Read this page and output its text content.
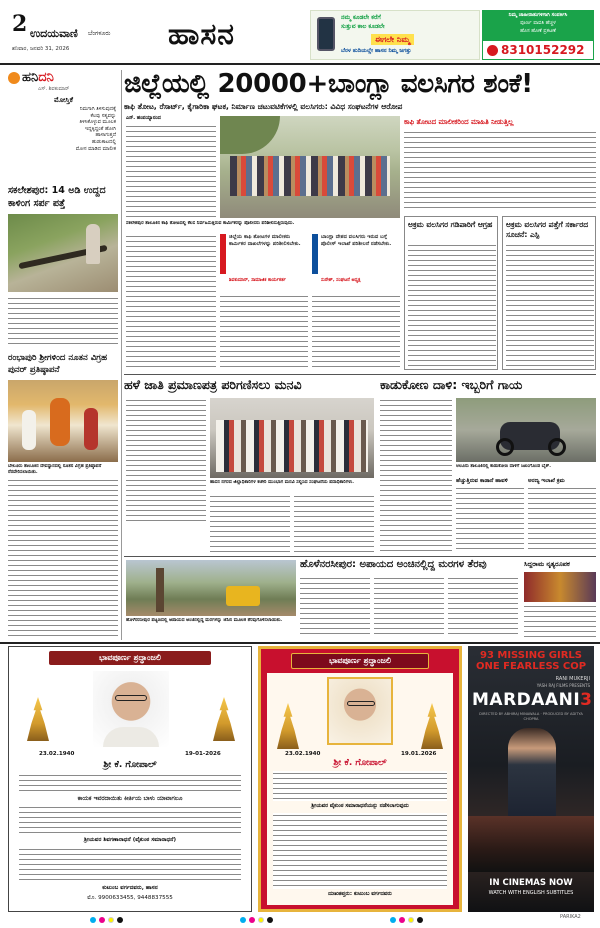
2 ಉದಯವಾಣಿ ಬೆಂಗಳೂರು
ಶನಿವಾರ, ಜನವರಿ 31, 2026	ಹಾಸನ	ನಮ್ಮ ಕೂಡಲೇ ಕರೆಗೆ
ಸುತ್ತುವ ಕಾಲ ಕೂಡಲೇ
ಈಗಲೇ ನಿಮ್ಮ
ಬೆರಳ ತುದಿಯಲ್ಲೇ ಹಾಸನ ನಿಮ್ಮ ಜಗತ್ತು
ನಿಮ್ಮ ಜಾಹೀರಾತುಗಳಿಗಾಗಿ ಸಂಪರ್ಕಿಸಿ
ಪೂರ್ಣ ಪಾವತಿ ಹೆಚ್ಚಳ
ಹೊಸ ಹೊಣೆ ಪ್ರಕಟಣೆ
8310152292
ಹನಿದನಿ
ಎಸ್. ಶಿವಕುಮಾರ್
ಮೋಸ್ತಿಕೆ
ನಿಮಗಾಗಿ ತಿಳಿಸುವುದಕ್ಕೆ
ಕೆಲವು ಸತ್ಯವನ್ನು
ತಿಳಿಸಿಕೊಳ್ಳುವ ಮೂಲಕ
ಇದ್ದಕ್ಕಿದ್ದಂತೆ ಹೋಗಿ
ಹಾಳಾಗುತ್ತದೆ
ಹುಡುಕಾಟದಲ್ಲಿ
ಮೋಸ ಮಾಡಿದ ಮಾಲೀಕ
ಸಕಲೇಶಪುರ: 14 ಅಡಿ ಉದ್ದದ ಕಾಳಿಂಗ ಸರ್ಪ ಪತ್ತೆ
ರಂಭಾಪುರಿ ಶ್ರೀಗಳಿಂದ ನೂತನ ವಿಗ್ರಹ ಪುನರ್ ಪ್ರತಿಷ್ಠಾಪನೆ
ಬೇಲೂರು ತಾಲೂಕಿನ ದೇವಸ್ಥಾನದಲ್ಲಿ ನೂತನ ವಿಗ್ರಹ ಪ್ರತಿಷ್ಠಾಪನೆ ನೆರವೇರಿಸಲಾಯಿತು.
ಜಿಲ್ಲೆಯಲ್ಲಿ 20000+ಬಾಂಗ್ಲಾ ವಲಸಿಗರ ಶಂಕೆ!
ಕಾಫಿ ತೋಟ, ರೆಸಾರ್ಟ್, ಕೈಗಾರಿಕಾ ಘಟಕ, ನಿರ್ಮಾಣ ಚಟುವಟಿಕೆಗಳಲ್ಲಿ ವಲಸಿಗರು: ವಿವಿಧ ಸಂಘಟನೆಗಳ ಆರೋಪ
ಎನ್. ಹಂಪಯ್ಯಾನಂದ
ಸಕಲೇಶಪುರ ತಾಲೂಕಿನ ಕಾಫಿ ತೋಟದಲ್ಲಿ ಕೆಲಸ ನಿರ್ವಹಿಸುತ್ತಿರುವ ಕಾರ್ಮಿಕರನ್ನು ಪೊಲೀಸರು ಪರಿಶೀಲಿಸುತ್ತಿರುವುದು.
ಜಿಲ್ಲೆಯ ಕಾಫಿ ತೋಟಗಳ ಮಾಲೀಕರು ಕಾರ್ಮಿಕರ ದಾಖಲೆಗಳನ್ನು ಪರಿಶೀಲಿಸಬೇಕು.
ಶಿವಕುಮಾರ್, ಸಾಮಾಜಿಕ ಕಾರ್ಯಕರ್ತ
ಬಾಂಗ್ಲಾ ದೇಶದ ವಲಸಿಗರು ಇರುವ ಬಗ್ಗೆ ಪೊಲೀಸ್ ಇಲಾಖೆ ಪರಿಶೀಲನೆ ನಡೆಸಬೇಕು.
ಸುರೇಶ್, ಸಂಘಟನೆ ಅಧ್ಯಕ್ಷ
ಕಾಫಿ ತೋಟದ ಮಾಲೀಕರಿಂದ ಮಾಹಿತಿ ನೀಡುತ್ತಿಲ್ಲ
ಅಕ್ರಮ ವಲಸಿಗರ ಗಡಿಪಾರಿಗೆ ಆಗ್ರಹ	ಅಕ್ರಮ ವಲಸಿಗರ ಪತ್ತೆಗೆ ಸರ್ಕಾರದ ಸೂಚನೆ: ಎಸ್ಪಿ
ಹಳೆ ಜಾತಿ ಪ್ರಮಾಣಪತ್ರ ಪರಿಗಣಿಸಲು ಮನವಿ
ಹಾಸನ ನಗರದ ಜಿಲ್ಲಾಧಿಕಾರಿಗಳ ಕಚೇರಿ ಮುಂಭಾಗ ಮನವಿ ಸಲ್ಲಿಸಿದ ಸಂಘಟನೆಯ ಪದಾಧಿಕಾರಿಗಳು.
ಕಾಡುಕೋಣ ದಾಳಿ: ಇಬ್ಬರಿಗೆ ಗಾಯ
ಆಲೂರು ತಾಲೂಕಿನಲ್ಲಿ ಕಾಡುಕೋಣ ದಾಳಿಗೆ ಜಖಂಗೊಂಡ ಬೈಕ್.
ಹೆಚ್ಚುತ್ತಿರುವ ಕಾಡಾನೆ ಹಾವಳಿ	ಅರಣ್ಯ ಇಲಾಖೆ ಕ್ರಮ
ಹೊಳೆನರಸೀಪುರ ಪಟ್ಟಣದಲ್ಲಿ ಅಪಾಯದ ಅಂಚಿನಲ್ಲಿದ್ದ ಮರಗಳನ್ನು ಜೆಸಿಬಿ ಮೂಲಕ ತೆರವುಗೊಳಿಸಲಾಯಿತು.
ಹೊಳೆನರಸೀಪುರ: ಅಪಾಯದ ಅಂಚಿನಲ್ಲಿದ್ದ ಮರಗಳ ತೆರವು	ಸಿದ್ದರಾಮ ನೃತ್ಯರೂಪಕ
ಭಾವಪೂರ್ಣ ಶ್ರದ್ಧಾಂಜಲಿ
23.02.1940	19-01-2026
ಶ್ರೀ ಕೆ. ಗೋಪಾಲ್
ಕಾಯಕ ಇವರದಾಯಿತು ಕೀರ್ತಿಯ ಬಾಳು ಯಾವಾಗಲೂ
ಶ್ರೀಯವರ ಶಿವಗಣಾರಾಧನೆ (ವೈಕುಂಠ ಸಮಾರಾಧನೆ)
ಕುಟುಂಬ ವರ್ಗದವರು, ಹಾಸನ
ಮೊ. 9900633455, 9448837555
ಭಾವಪೂರ್ಣ ಶ್ರದ್ಧಾಂಜಲಿ
23.02.1940	19.01.2026
ಶ್ರೀ ಕೆ. ಗೋಪಾಲ್
ಶ್ರೀಯವರ ವೈಕುಂಠ ಸಮಾರಾಧನೆಯನ್ನು ನಡೆಸಲಾಗುವುದು
ದುಃಖತಪ್ತರು: ಕುಟುಂಬ ವರ್ಗದವರು
93 MISSING GIRLS ONE FEARLESS COP
RANI MUKERJI
YASH RAJ FILMS PRESENTS
MARDAANI3
DIRECTED BY ABHIRAJ MINAWALA · PRODUCED BY ADITYA CHOPRA
IN CINEMAS NOW
WATCH WITH ENGLISH SUBTITLES
PARIKA2
